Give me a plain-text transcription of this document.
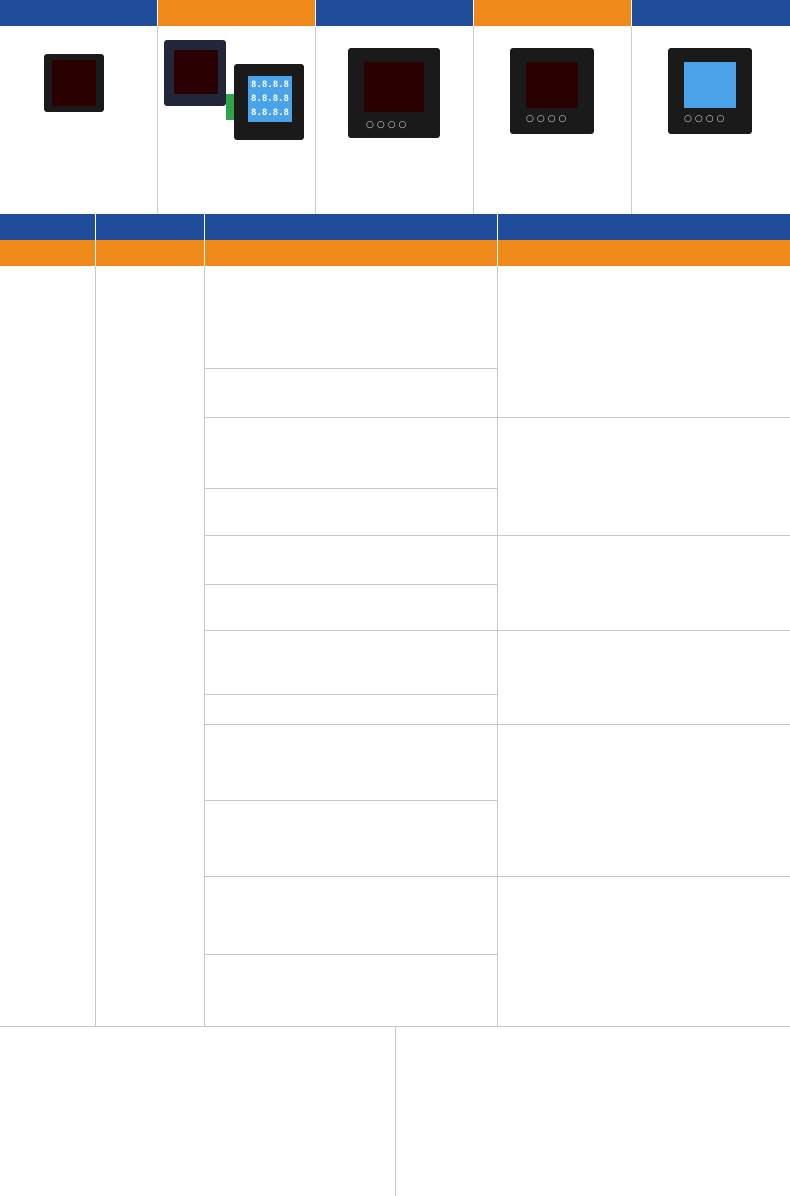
8.8.8.8
8.8.8.8
8.8.8.8
○○○○
○○○○	○○○○
